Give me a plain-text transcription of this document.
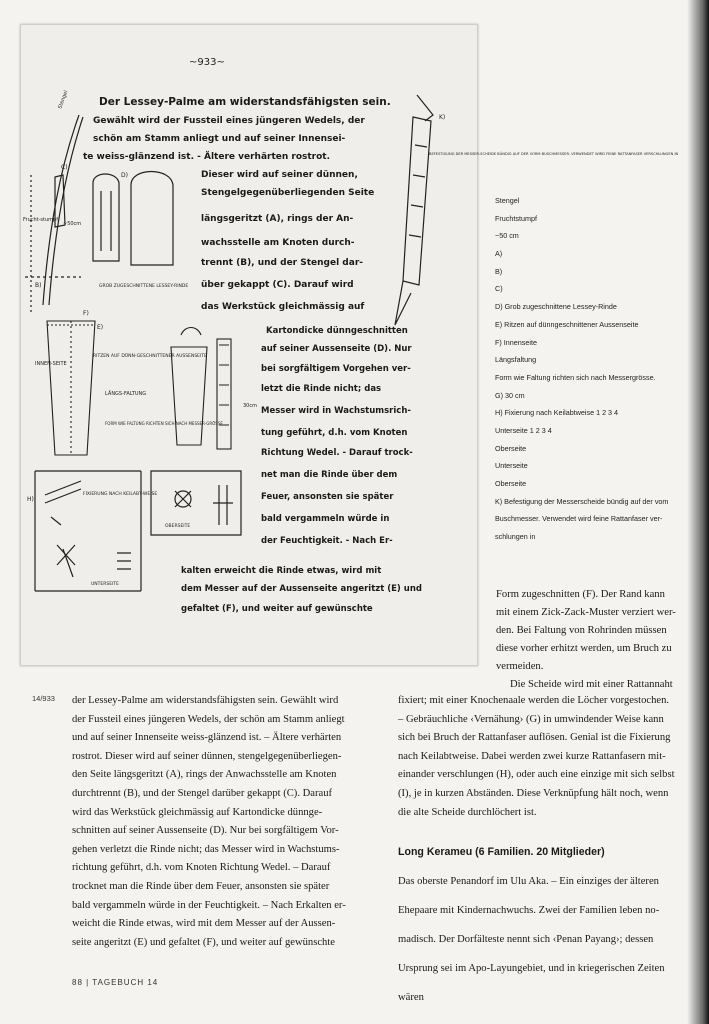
~933~
Der Lessey-Palme am widerstandsfähigsten sein.
Gewählt wird der Fussteil eines jüngeren Wedels, der
schön am Stamm anliegt und auf seiner Innensei-
te weiss-glänzend ist. - Ältere verhärten rostrot.
Dieser wird auf seiner dünnen,
Stengelgegenüberliegenden Seite
längsgeritzt (A), rings der An-
wachsstelle am Knoten durch-
trennt (B), und der Stengel dar-
über gekappt (C). Darauf wird
das Werkstück gleichmässig auf
Kartondicke dünngeschnitten
auf seiner Aussenseite (D). Nur
bei sorgfältigem Vorgehen ver-
letzt die Rinde nicht; das
Messer wird in Wachstumsrich-
tung geführt, d.h. vom Knoten
Richtung Wedel. - Darauf trock-
net man die Rinde über dem
Feuer, ansonsten sie später
bald vergammeln würde in
der Feuchtigkeit. - Nach Er-
kalten erweicht die Rinde etwas, wird mit
dem Messer auf der Aussenseite angeritzt (E) und
gefaltet (F), und weiter auf gewünschte
Stengel
Frucht-stumpf
~50cm
C)
B)
D)
GROB ZUGESCHNITTENE LESSEY-RINDE
F)
E)
RITZEN AUF DÜNN-GESCHNITTENER AUSSENSEITE
INNEN-SEITE
LÄNGS-FALTUNG
FORM WIE FALTUNG RICHTEN SICH NACH MESSER-GRÖSSE
30cm
K)
BEFESTIGUNG DER MESSER-SCHEIDE BÜNDIG AUF DER VORM BUSCHMESSER. VERWENDET WIRD FEINE RATTANFASER VERSCHLUNGEN IN
H)
FIXIERUNG NACH KEILABT-WEISE
OBERSEITE
UNTERSEITE
Stengel
Fruchtstumpf
~50 cm
A)
B)
C)
D) Grob zugeschnittene Lessey-Rinde
E) Ritzen auf dünngeschnittener Aussenseite
F) Innenseite
Längsfaltung
Form wie Faltung richten sich nach Messergrösse.
G) 30 cm
H) Fixierung nach Keilabtweise 1 2 3 4
Unterseite 1 2 3 4
Oberseite
Unterseite
Oberseite
K) Befestigung der Messerscheide bündig auf der vom
Buschmesser. Verwendet wird feine Rattanfaser ver-
schlungen in

Form zugeschnitten (F). Der Rand kann

mit einem Zick-Zack-Muster verziert wer-

den. Bei Faltung von Rohrinden müssen

diese vorher erhitzt werden, um Bruch zu

vermeiden.

Die Scheide wird mit einer Rattannaht

14/933 der Lessey-Palme am widerstandsfähigsten sein. Gewählt wird

der Fussteil eines jüngeren Wedels, der schön am Stamm anliegt

und auf seiner Innenseite weiss-glänzend ist. – Ältere verhärten

rostrot. Dieser wird auf seiner dünnen, stengelgegenüberliegen-

den Seite längsgeritzt (A), rings der Anwachsstelle am Knoten

durchtrennt (B), und der Stengel darüber gekappt (C). Darauf

wird das Werkstück gleichmässig auf Kartondicke dünnge-

schnitten auf seiner Aussenseite (D). Nur bei sorgfältigem Vor-

gehen verletzt die Rinde nicht; das Messer wird in Wachstums-

richtung geführt, d.h. vom Knoten Richtung Wedel. – Darauf

trocknet man die Rinde über dem Feuer, ansonsten sie später

bald vergammeln würde in der Feuchtigkeit. – Nach Erkalten er-

weicht die Rinde etwas, wird mit dem Messer auf der Aussen-

seite angeritzt (E) und gefaltet (F), und weiter auf gewünschte

fixiert; mit einer Knochenaale werden die Löcher vorgestochen.

– Gebräuchliche ‹Vernähung› (G) in umwindender Weise kann

sich bei Bruch der Rattanfaser auflösen. Genial ist die Fixierung

nach Keilabtweise. Dabei werden zwei kurze Rattanfasern mit-

einander verschlungen (H), oder auch eine einzige mit sich selbst

(I), je in kurzen Abständen. Diese Verknüpfung hält noch, wenn

die alte Scheide durchlöchert ist.

Long Kerameu (6 Familien. 20 Mitglieder)

Das oberste Penandorf im Ulu Aka. – Ein einziges der älteren

Ehepaare mit Kindernachwuchs. Zwei der Familien leben no-

madisch. Der Dorfälteste nennt sich ‹Penan Payang›; dessen

Ursprung sei im Apo-Layungebiet, und in kriegerischen Zeiten

wären

88 | TAGEBUCH 14
